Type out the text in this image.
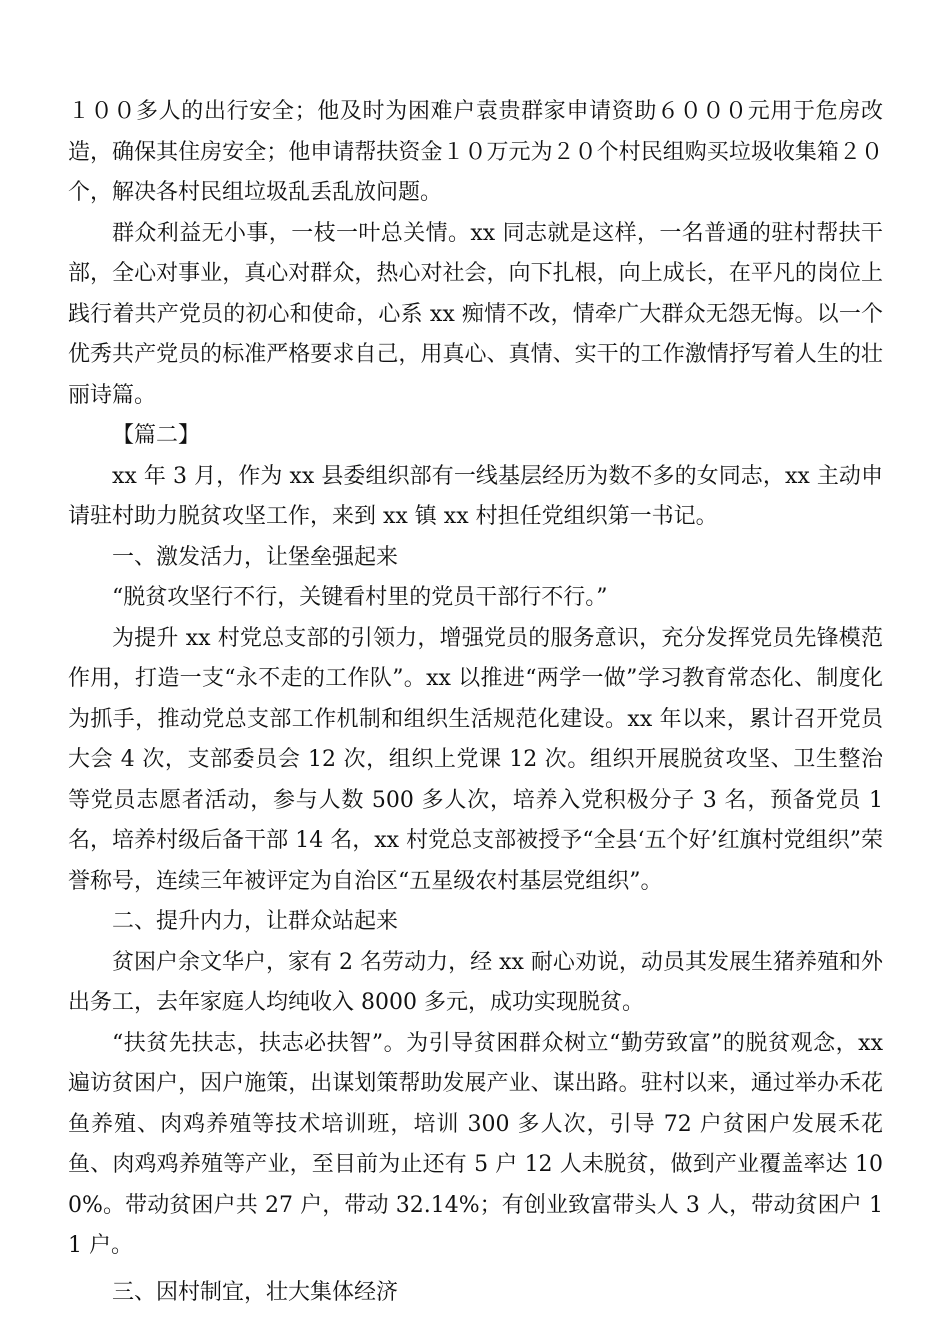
１００多人的出行安全；他及时为困难户袁贵群家申请资助６０００元用于危房改造，确保其住房安全；他申请帮扶资金１０万元为２０个村民组购买垃圾收集箱２０个，解决各村民组垃圾乱丢乱放问题。

群众利益无小事，一枝一叶总关情。xx 同志就是这样，一名普通的驻村帮扶干部，全心对事业，真心对群众，热心对社会，向下扎根，向上成长，在平凡的岗位上践行着共产党员的初心和使命，心系 xx 痴情不改，情牵广大群众无怨无悔。以一个优秀共产党员的标准严格要求自己，用真心、真情、实干的工作激情抒写着人生的壮丽诗篇。

【篇二】

xx 年 3 月，作为 xx 县委组织部有一线基层经历为数不多的女同志，xx 主动申请驻村助力脱贫攻坚工作，来到 xx 镇 xx 村担任党组织第一书记。

一、激发活力，让堡垒强起来

“脱贫攻坚行不行，关键看村里的党员干部行不行。”

为提升 xx 村党总支部的引领力，增强党员的服务意识，充分发挥党员先锋模范作用，打造一支“永不走的工作队”。xx 以推进“两学一做”学习教育常态化、制度化为抓手，推动党总支部工作机制和组织生活规范化建设。xx 年以来，累计召开党员大会 4 次，支部委员会 12 次，组织上党课 12 次。组织开展脱贫攻坚、卫生整治等党员志愿者活动，参与人数 500 多人次，培养入党积极分子 3 名，预备党员 1 名，培养村级后备干部 14 名，xx 村党总支部被授予“全县‘五个好’红旗村党组织”荣誉称号，连续三年被评定为自治区“五星级农村基层党组织”。

二、提升内力，让群众站起来

贫困户余文华户，家有 2 名劳动力，经 xx 耐心劝说，动员其发展生猪养殖和外出务工，去年家庭人均纯收入 8000 多元，成功实现脱贫。

“扶贫先扶志，扶志必扶智”。为引导贫困群众树立“勤劳致富”的脱贫观念，xx 遍访贫困户，因户施策，出谋划策帮助发展产业、谋出路。驻村以来，通过举办禾花鱼养殖、肉鸡养殖等技术培训班，培训 300 多人次，引导 72 户贫困户发展禾花鱼、肉鸡鸡养殖等产业，至目前为止还有 5 户 12 人未脱贫，做到产业覆盖率达 100%。带动贫困户共 27 户，带动 32.14%；有创业致富带头人 3 人，带动贫困户 11 户。

三、因村制宜，壮大集体经济
